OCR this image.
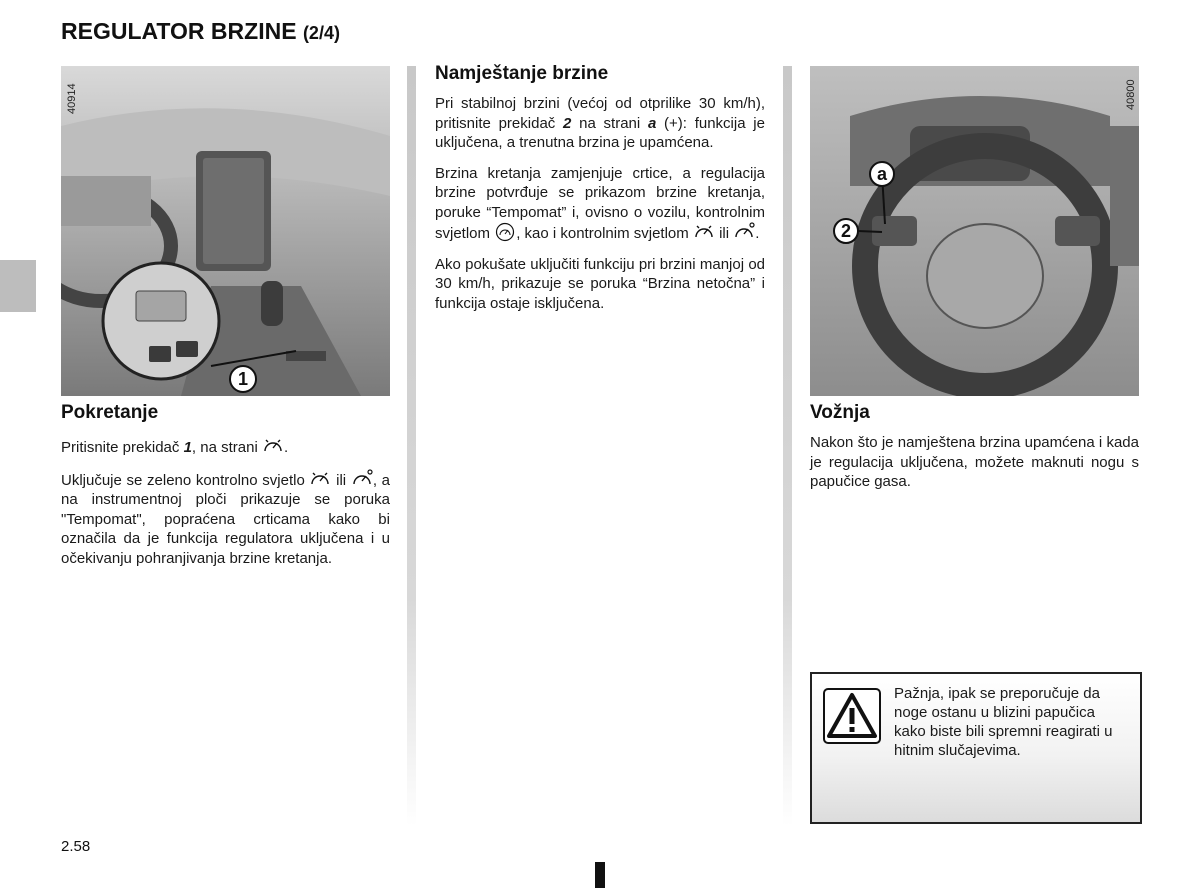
REGULATOR BRZINE (2/4)
1
40914
a
2
40800
Pokretanje

Pritisnite prekidač 1, na strani .

Uključuje se zeleno kontrolno svjetlo ili , a na instrumentnoj ploči prikazuje se poruka "Tempomat", popraćena crticama kako bi označila da je funkcija regulatora uključena i u očekivanju pohranjivanja brzine kretanja.

Namještanje brzine

Pri stabilnoj brzini (većoj od otprilike 30 km/h), pritisnite prekidač 2 na strani a (+): funkcija je uključena, a trenutna brzina je upamćena.

Brzina kretanja zamjenjuje crtice, a regulacija brzine potvrđuje se prikazom brzine kretanja, poruke “Tempomat” i, ovisno o vozilu, kontrolnim svjetlom , kao i kontrolnim svjetlom ili .

Ako pokušate uključiti funkciju pri brzini manjoj od 30 km/h, prikazuje se poruka “Brzina netočna” i funkcija ostaje isključena.

Vožnja

Nakon što je namještena brzina upamćena i kada je regulacija uključena, možete maknuti nogu s papučice gasa.

Pažnja, ipak se preporučuje da noge ostanu u blizini papučica kako biste bili spremni reagirati u hitnim slučajevima.
2.58
